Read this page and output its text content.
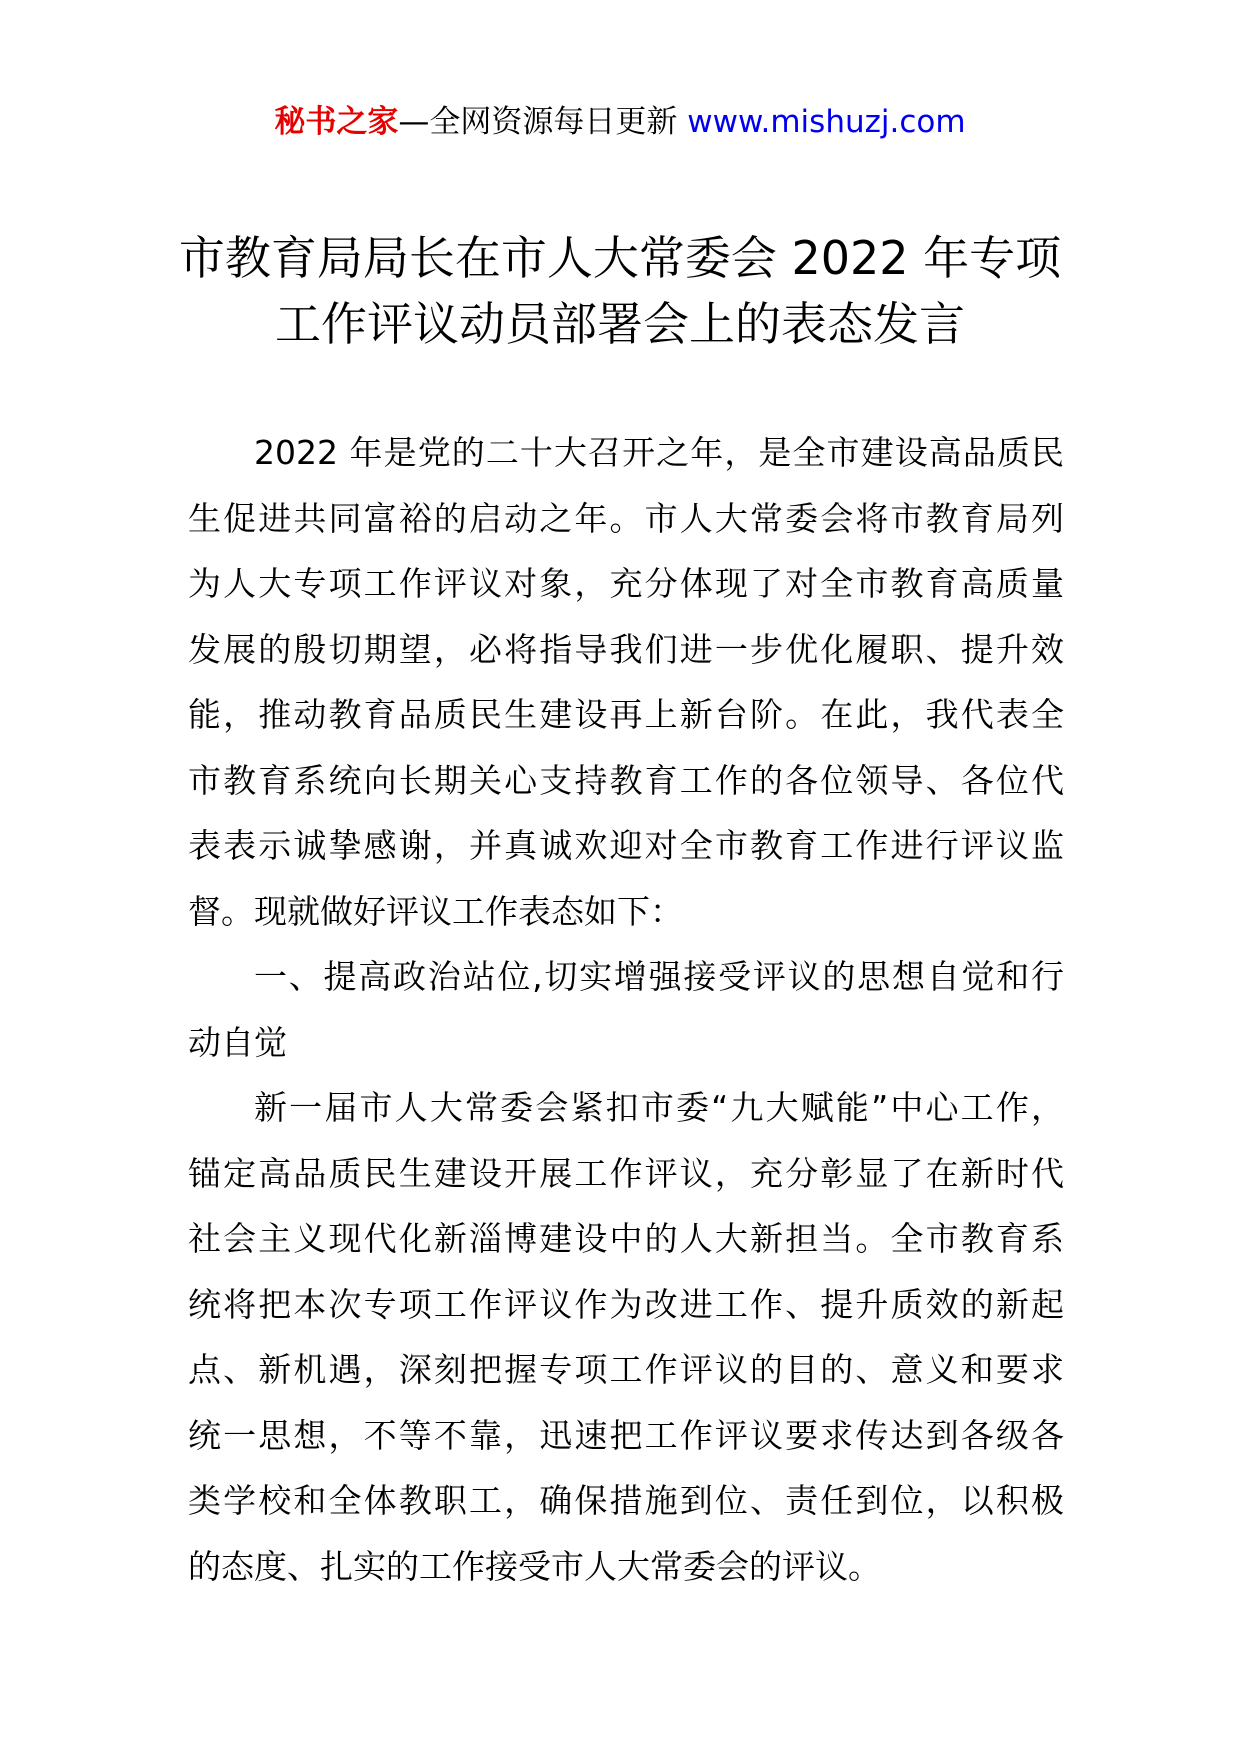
秘书之家—全网资源每日更新 www.mishuzj.com
市教育局局长在市人大常委会 2022 年专项
工作评议动员部署会上的表态发言
2022 年是党的二十大召开之年，是全市建设高品质民
生促进共同富裕的启动之年。市人大常委会将市教育局列
为人大专项工作评议对象，充分体现了对全市教育高质量
发展的殷切期望，必将指导我们进一步优化履职、提升效
能，推动教育品质民生建设再上新台阶。在此，我代表全
市教育系统向长期关心支持教育工作的各位领导、各位代
表表示诚挚感谢，并真诚欢迎对全市教育工作进行评议监
督。现就做好评议工作表态如下：
一、提高政治站位,切实增强接受评议的思想自觉和行
动自觉
新一届市人大常委会紧扣市委“九大赋能”中心工作，
锚定高品质民生建设开展工作评议，充分彰显了在新时代
社会主义现代化新淄博建设中的人大新担当。全市教育系
统将把本次专项工作评议作为改进工作、提升质效的新起
点、新机遇，深刻把握专项工作评议的目的、意义和要求
统一思想，不等不靠，迅速把工作评议要求传达到各级各
类学校和全体教职工，确保措施到位、责任到位，以积极
的态度、扎实的工作接受市人大常委会的评议。
